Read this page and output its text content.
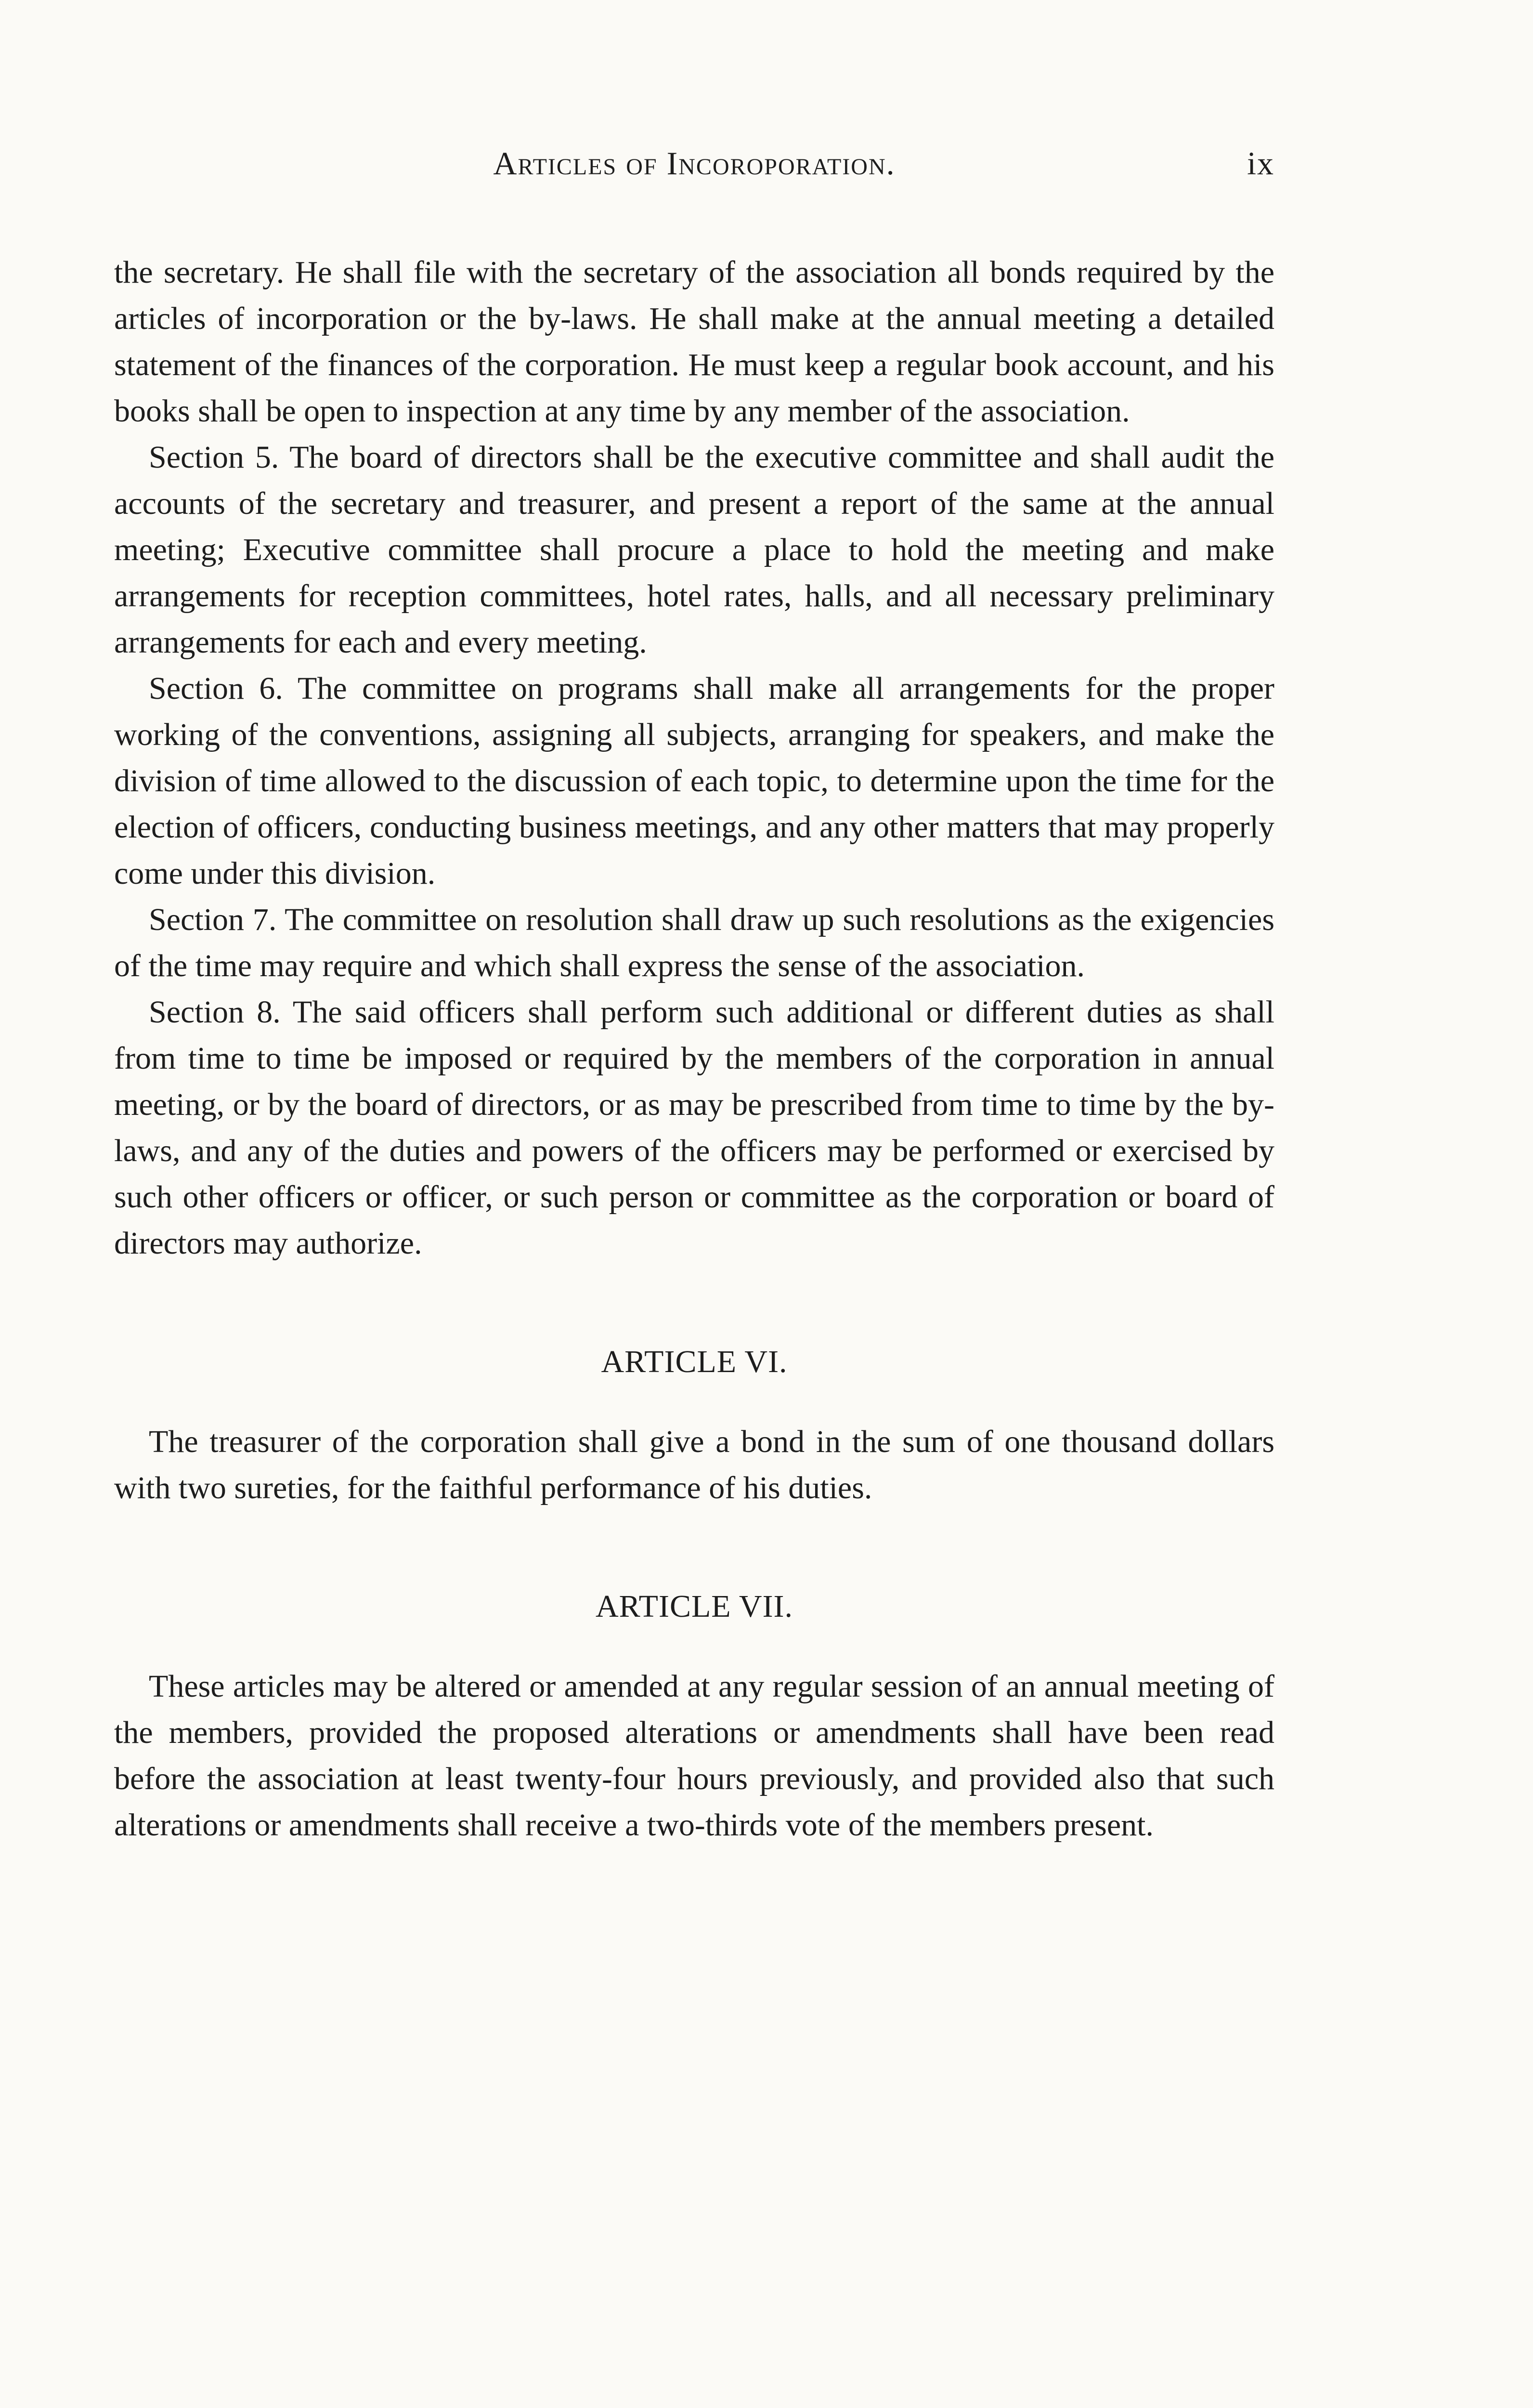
Articles of Incoroporation.	ix

the secretary. He shall file with the secretary of the association all bonds required by the articles of incorporation or the by-laws. He shall make at the annual meeting a detailed statement of the finances of the corporation. He must keep a regular book account, and his books shall be open to inspection at any time by any member of the association.

Section 5. The board of directors shall be the executive committee and shall audit the accounts of the secretary and treasurer, and present a report of the same at the annual meeting; Executive committee shall procure a place to hold the meeting and make arrangements for reception committees, hotel rates, halls, and all necessary preliminary arrangements for each and every meeting.

Section 6. The committee on programs shall make all arrangements for the proper working of the conventions, assigning all subjects, arranging for speakers, and make the division of time allowed to the discussion of each topic, to determine upon the time for the election of officers, conducting business meetings, and any other matters that may properly come under this division.

Section 7. The committee on resolution shall draw up such resolutions as the exigencies of the time may require and which shall express the sense of the association.

Section 8. The said officers shall perform such additional or different duties as shall from time to time be imposed or required by the members of the corporation in annual meeting, or by the board of directors, or as may be prescribed from time to time by the by-laws, and any of the duties and powers of the officers may be performed or exercised by such other officers or officer, or such person or committee as the corporation or board of directors may authorize.

ARTICLE VI.

The treasurer of the corporation shall give a bond in the sum of one thousand dollars with two sureties, for the faithful performance of his duties.

ARTICLE VII.

These articles may be altered or amended at any regular session of an annual meeting of the members, provided the proposed alterations or amendments shall have been read before the association at least twenty-four hours previously, and provided also that such alterations or amendments shall receive a two-thirds vote of the members present.
